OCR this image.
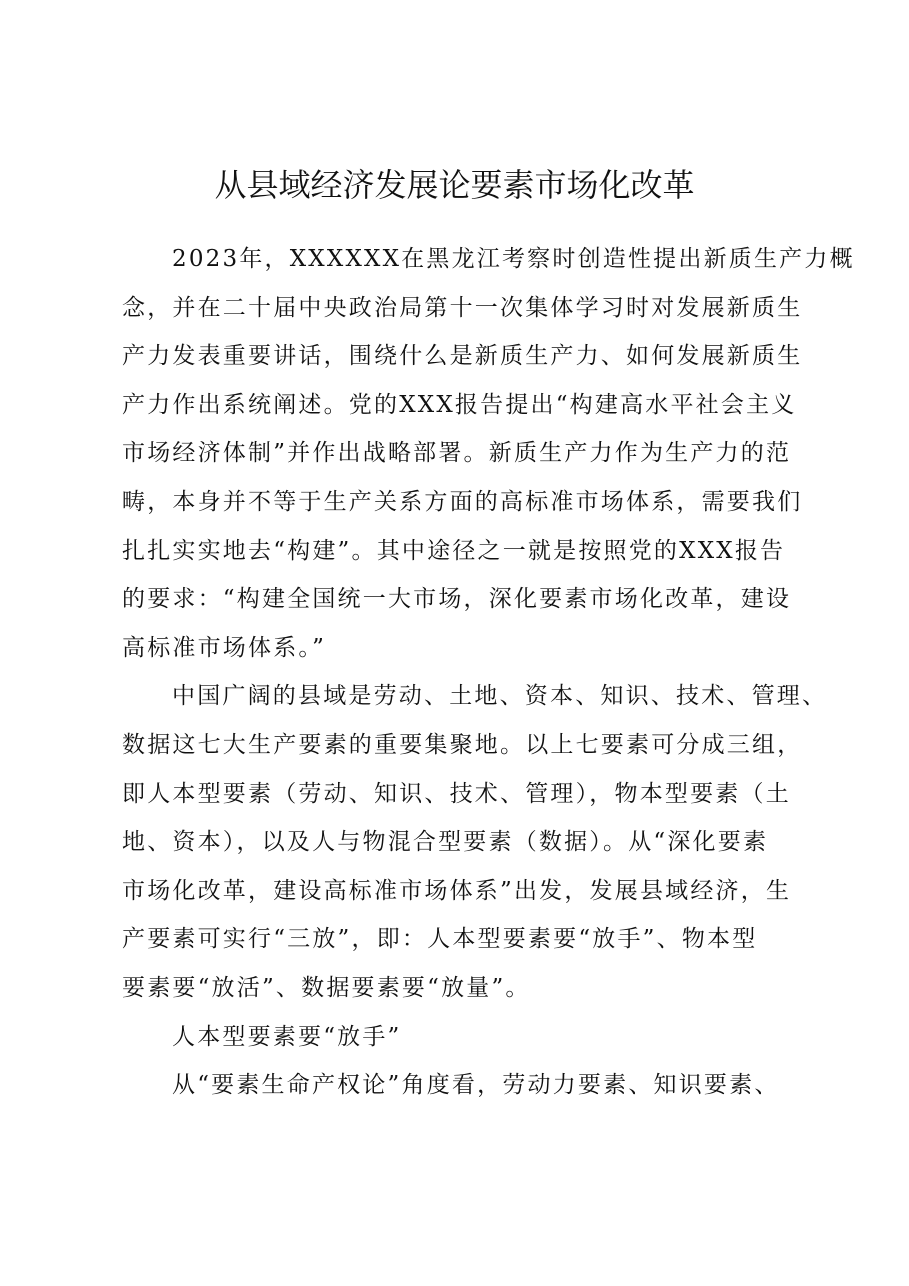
从县域经济发展论要素市场化改革
2023年，XXXXXX在黑龙江考察时创造性提出新质生产力概
念，并在二十届中央政治局第十一次集体学习时对发展新质生
产力发表重要讲话，围绕什么是新质生产力、如何发展新质生
产力作出系统阐述。党的XXX报告提出“构建高水平社会主义
市场经济体制”并作出战略部署。新质生产力作为生产力的范
畴，本身并不等于生产关系方面的高标准市场体系，需要我们
扎扎实实地去“构建”。其中途径之一就是按照党的XXX报告
的要求：“构建全国统一大市场，深化要素市场化改革，建设
高标准市场体系。”
中国广阔的县域是劳动、土地、资本、知识、技术、管理、
数据这七大生产要素的重要集聚地。以上七要素可分成三组，
即人本型要素（劳动、知识、技术、管理），物本型要素（土
地、资本），以及人与物混合型要素（数据）。从“深化要素
市场化改革，建设高标准市场体系”出发，发展县域经济，生
产要素可实行“三放”，即：人本型要素要“放手”、物本型
要素要“放活”、数据要素要“放量”。
人本型要素要“放手”
从“要素生命产权论”角度看，劳动力要素、知识要素、
